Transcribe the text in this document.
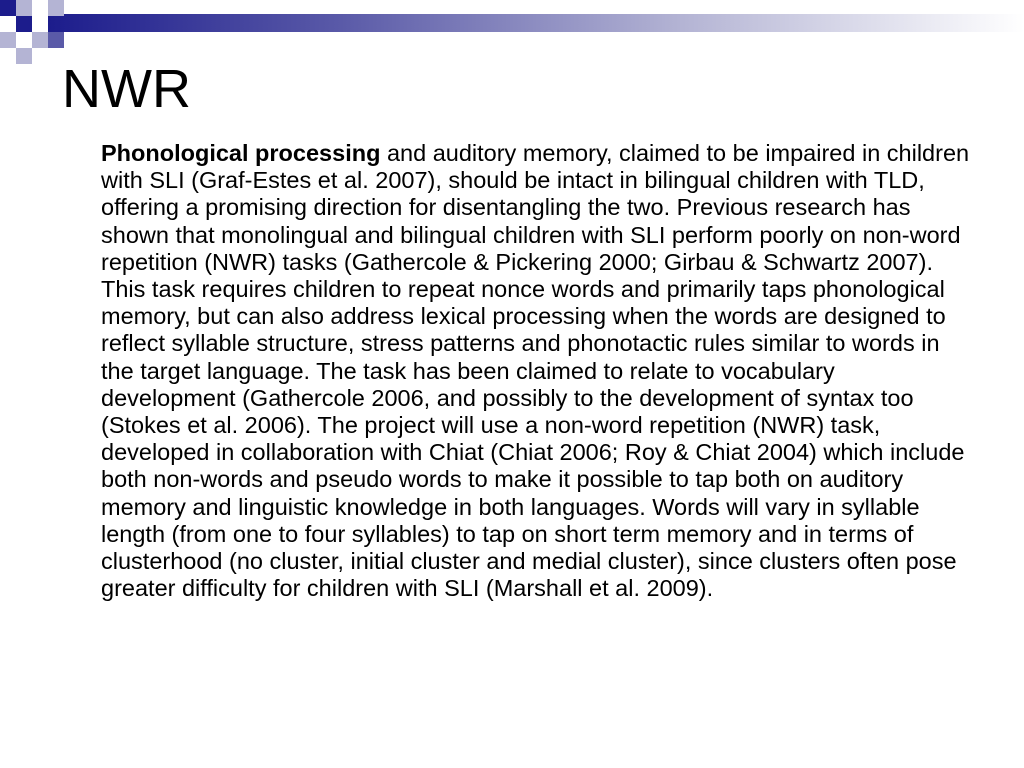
NWR

Phonological processing and auditory memory, claimed to be impaired in children with SLI (Graf-Estes et al. 2007), should be intact in bilingual children with TLD, offering a promising direction for disentangling the two. Previous research has shown that monolingual and bilingual children with SLI perform poorly on non-word repetition (NWR) tasks (Gathercole & Pickering 2000; Girbau & Schwartz 2007). This task requires children to repeat nonce words and primarily taps phonological memory, but can also address lexical processing when the words are designed to reflect syllable structure, stress patterns and phonotactic rules similar to words in the target language. The task has been claimed to relate to vocabulary development (Gathercole 2006, and possibly to the development of syntax too (Stokes et al. 2006). The project will use a non-word repetition (NWR) task, developed in collaboration with Chiat (Chiat 2006; Roy & Chiat 2004) which include both non-words and pseudo words to make it possible to tap both on auditory memory and linguistic knowledge in both languages. Words will vary in syllable length (from one to four syllables) to tap on short term memory and in terms of clusterhood (no cluster, initial cluster and medial cluster), since clusters often pose greater difficulty for children with SLI (Marshall et al. 2009).
